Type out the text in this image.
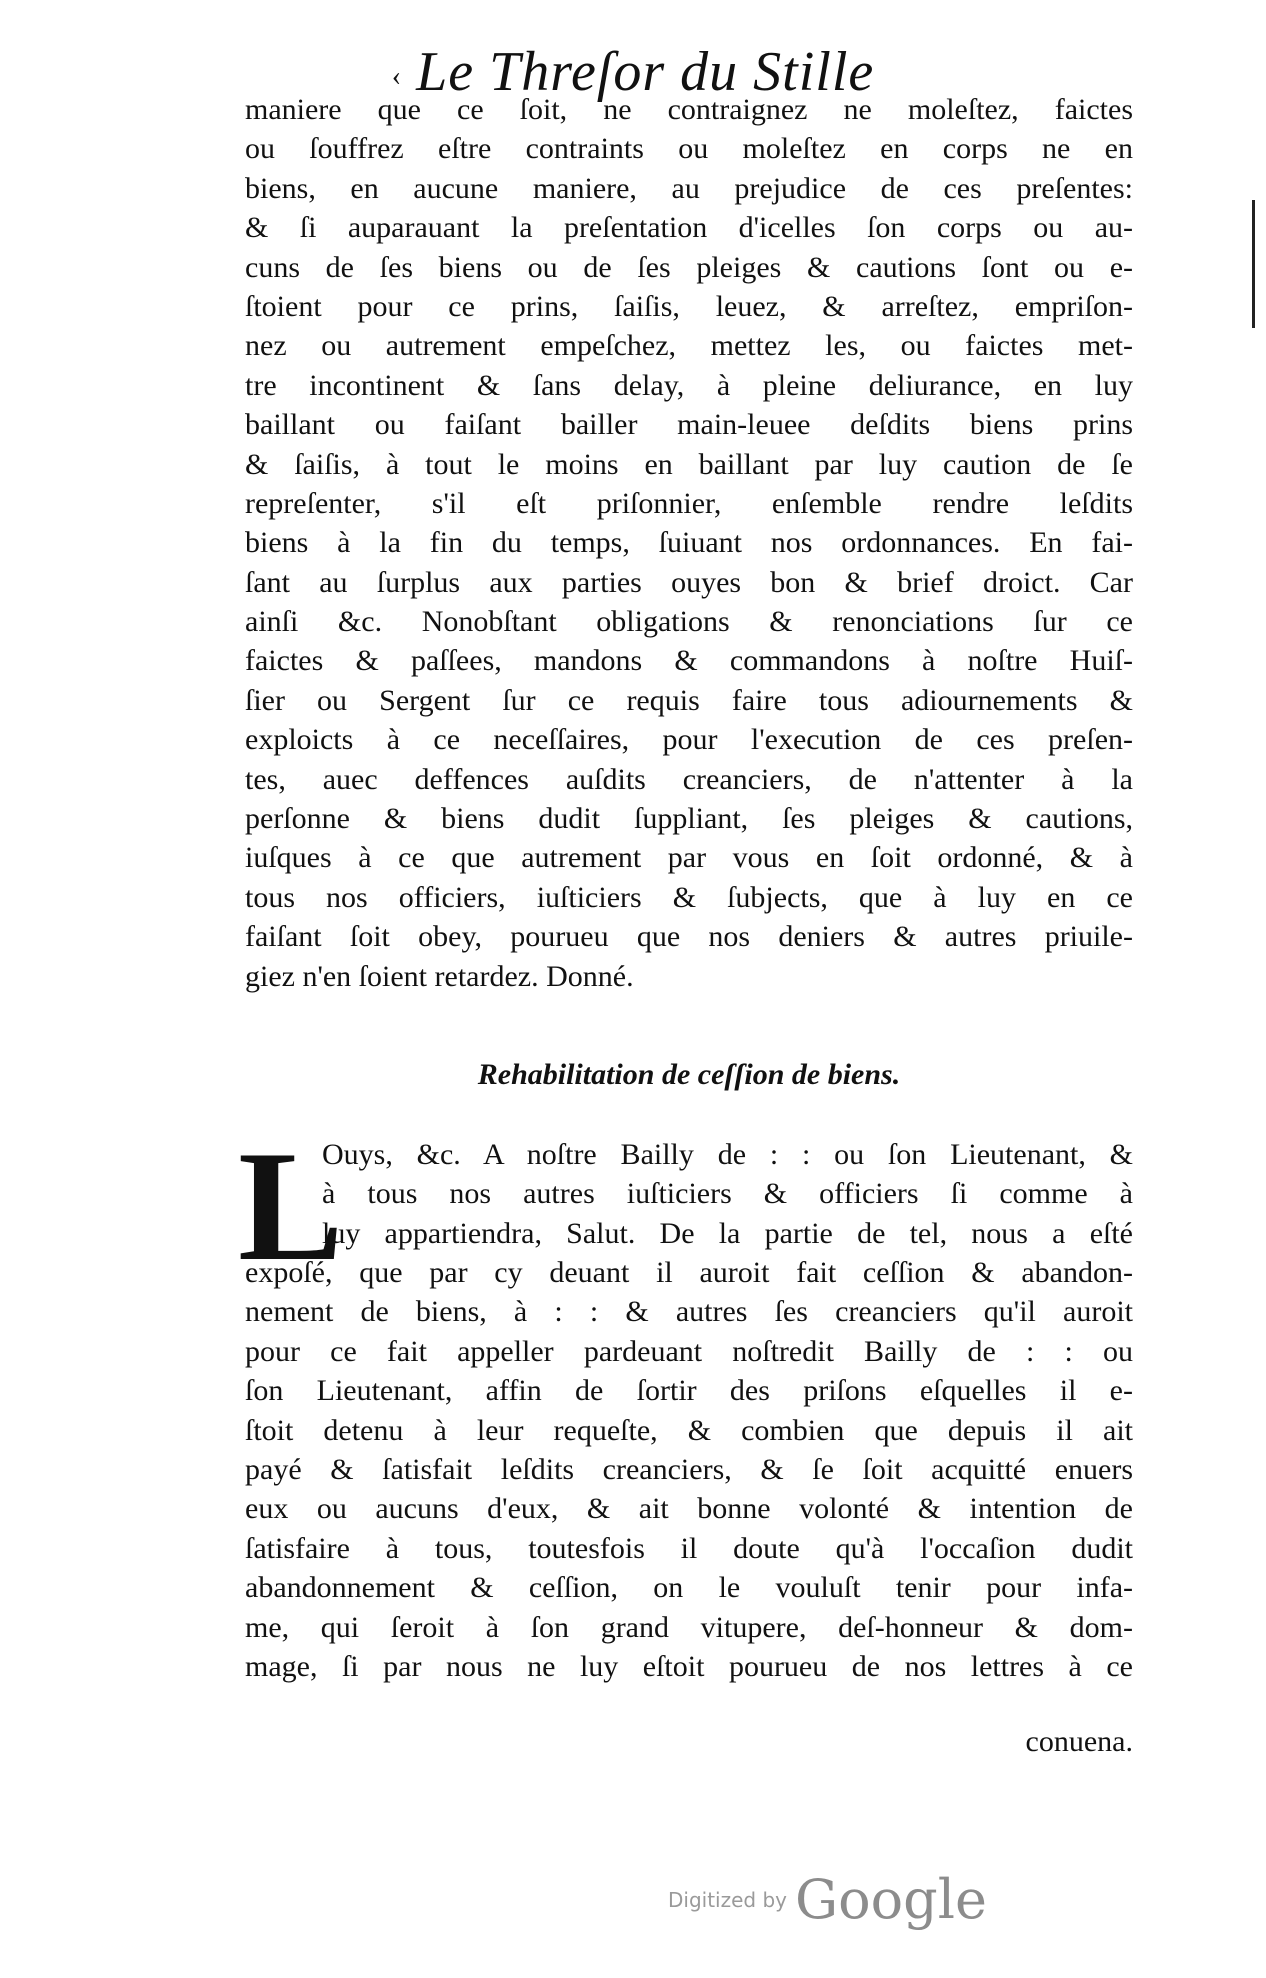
‹ Le Threſor du Stille
maniere que ce ſoit, ne contraignez ne moleſtez, faictes
ou ſouffrez eſtre contraints ou moleſtez en corps ne en
biens, en aucune maniere, au prejudice de ces preſentes:
& ſi auparauant la preſentation d'icelles ſon corps ou au-
cuns de ſes biens ou de ſes pleiges & cautions ſont ou e-
ſtoient pour ce prins, ſaiſis, leuez, & arreſtez, empriſon-
nez ou autrement empeſchez, mettez les, ou faictes met-
tre incontinent & ſans delay, à pleine deliurance, en luy
baillant ou faiſant bailler main-leuee deſdits biens prins
& ſaiſis, à tout le moins en baillant par luy caution de ſe
repreſenter, s'il eſt priſonnier, enſemble rendre leſdits
biens à la fin du temps, ſuiuant nos ordonnances. En fai-
ſant au ſurplus aux parties ouyes bon & brief droict. Car
ainſi &c. Nonobſtant obligations & renonciations ſur ce
faictes & paſſees, mandons & commandons à noſtre Huiſ-
ſier ou Sergent ſur ce requis faire tous adiournements &
exploicts à ce neceſſaires, pour l'execution de ces preſen-
tes, auec deffences auſdits creanciers, de n'attenter à la
perſonne & biens dudit ſuppliant, ſes pleiges & cautions,
iuſques à ce que autrement par vous en ſoit ordonné, & à
tous nos officiers, iuſticiers & ſubjects, que à luy en ce
faiſant ſoit obey, pourueu que nos deniers & autres priuile-
giez n'en ſoient retardez. Donné.
Rehabilitation de ceſſion de biens.
L
Ouys, &c. A noſtre Bailly de : : ou ſon Lieutenant, &
à tous nos autres iuſticiers & officiers ſi comme à
luy appartiendra, Salut. De la partie de tel, nous a eſté
expoſé, que par cy deuant il auroit fait ceſſion & abandon-
nement de biens, à : : & autres ſes creanciers qu'il auroit
pour ce fait appeller pardeuant noſtredit Bailly de : : ou
ſon Lieutenant, affin de ſortir des priſons eſquelles il e-
ſtoit detenu à leur requeſte, & combien que depuis il ait
payé & ſatisfait leſdits creanciers, & ſe ſoit acquitté enuers
eux ou aucuns d'eux, & ait bonne volonté & intention de
ſatisfaire à tous, toutesfois il doute qu'à l'occaſion dudit
abandonnement & ceſſion, on le vouluſt tenir pour infa-
me, qui ſeroit à ſon grand vitupere, deſ-honneur & dom-
mage, ſi par nous ne luy eſtoit pourueu de nos lettres à ce
conuena.
Digitized by Google
